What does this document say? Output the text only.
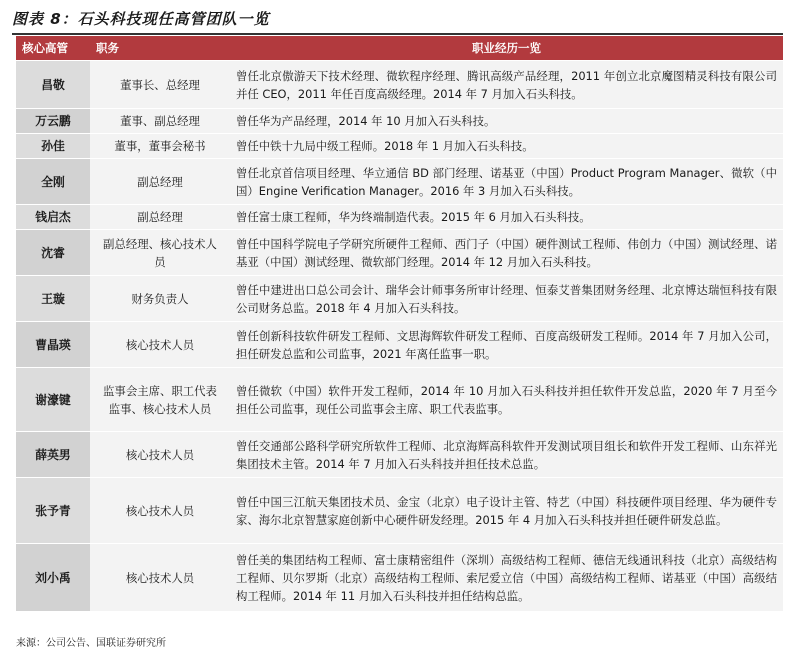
图表 8：石头科技现任高管团队一览
核心高管	职务	职业经历一览
昌敬	董事长、总经理	曾任北京傲游天下技术经理、微软程序经理、腾讯高级产品经理，2011 年创立北京魔图精灵科技有限公司并任 CEO，2011 年任百度高级经理。2014 年 7 月加入石头科技。
万云鹏	董事、副总经理	曾任华为产品经理，2014 年 10 月加入石头科技。
孙佳	董事，董事会秘书	曾任中铁十九局中级工程师。2018 年 1 月加入石头科技。
全刚	副总经理	曾任北京首信项目经理、华立通信 BD 部门经理、诺基亚（中国）Product Program Manager、微软（中国）Engine Verification Manager。2016 年 3 月加入石头科技。
钱启杰	副总经理	曾任富士康工程师，华为终端制造代表。2015 年 6 月加入石头科技。
沈睿	副总经理、核心技术人员	曾任中国科学院电子学研究所硬件工程师、西门子（中国）硬件测试工程师、伟创力（中国）测试经理、诺基亚（中国）测试经理、微软部门经理。2014 年 12 月加入石头科技。
王璇	财务负责人	曾任中建进出口总公司会计、瑞华会计师事务所审计经理、恒泰艾普集团财务经理、北京博达瑞恒科技有限公司财务总监。2018 年 4 月加入石头科技。
曹晶瑛	核心技术人员	曾任创新科技软件研发工程师、文思海辉软件研发工程师、百度高级研发工程师。2014 年 7 月加入公司，担任研发总监和公司监事，2021 年离任监事一职。
谢濠键	监事会主席、职工代表监事、核心技术人员	曾任微软（中国）软件开发工程师，2014 年 10 月加入石头科技并担任软件开发总监，2020 年 7 月至今担任公司监事，现任公司监事会主席、职工代表监事。
薛英男	核心技术人员	曾任交通部公路科学研究所软件工程师、北京海辉高科软件开发测试项目组长和软件开发工程师、山东祥光集团技术主管。2014 年 7 月加入石头科技并担任技术总监。
张予青	核心技术人员	曾任中国三江航天集团技术员、金宝（北京）电子设计主管、特艺（中国）科技硬件项目经理、华为硬件专家、海尔北京智慧家庭创新中心硬件研发经理。2015 年 4 月加入石头科技并担任硬件研发总监。
刘小禹	核心技术人员	曾任美的集团结构工程师、富士康精密组件（深圳）高级结构工程师、德信无线通讯科技（北京）高级结构工程师、贝尔罗斯（北京）高级结构工程师、索尼爱立信（中国）高级结构工程师、诺基亚（中国）高级结构工程师。2014 年 11 月加入石头科技并担任结构总监。
来源：公司公告、国联证券研究所
